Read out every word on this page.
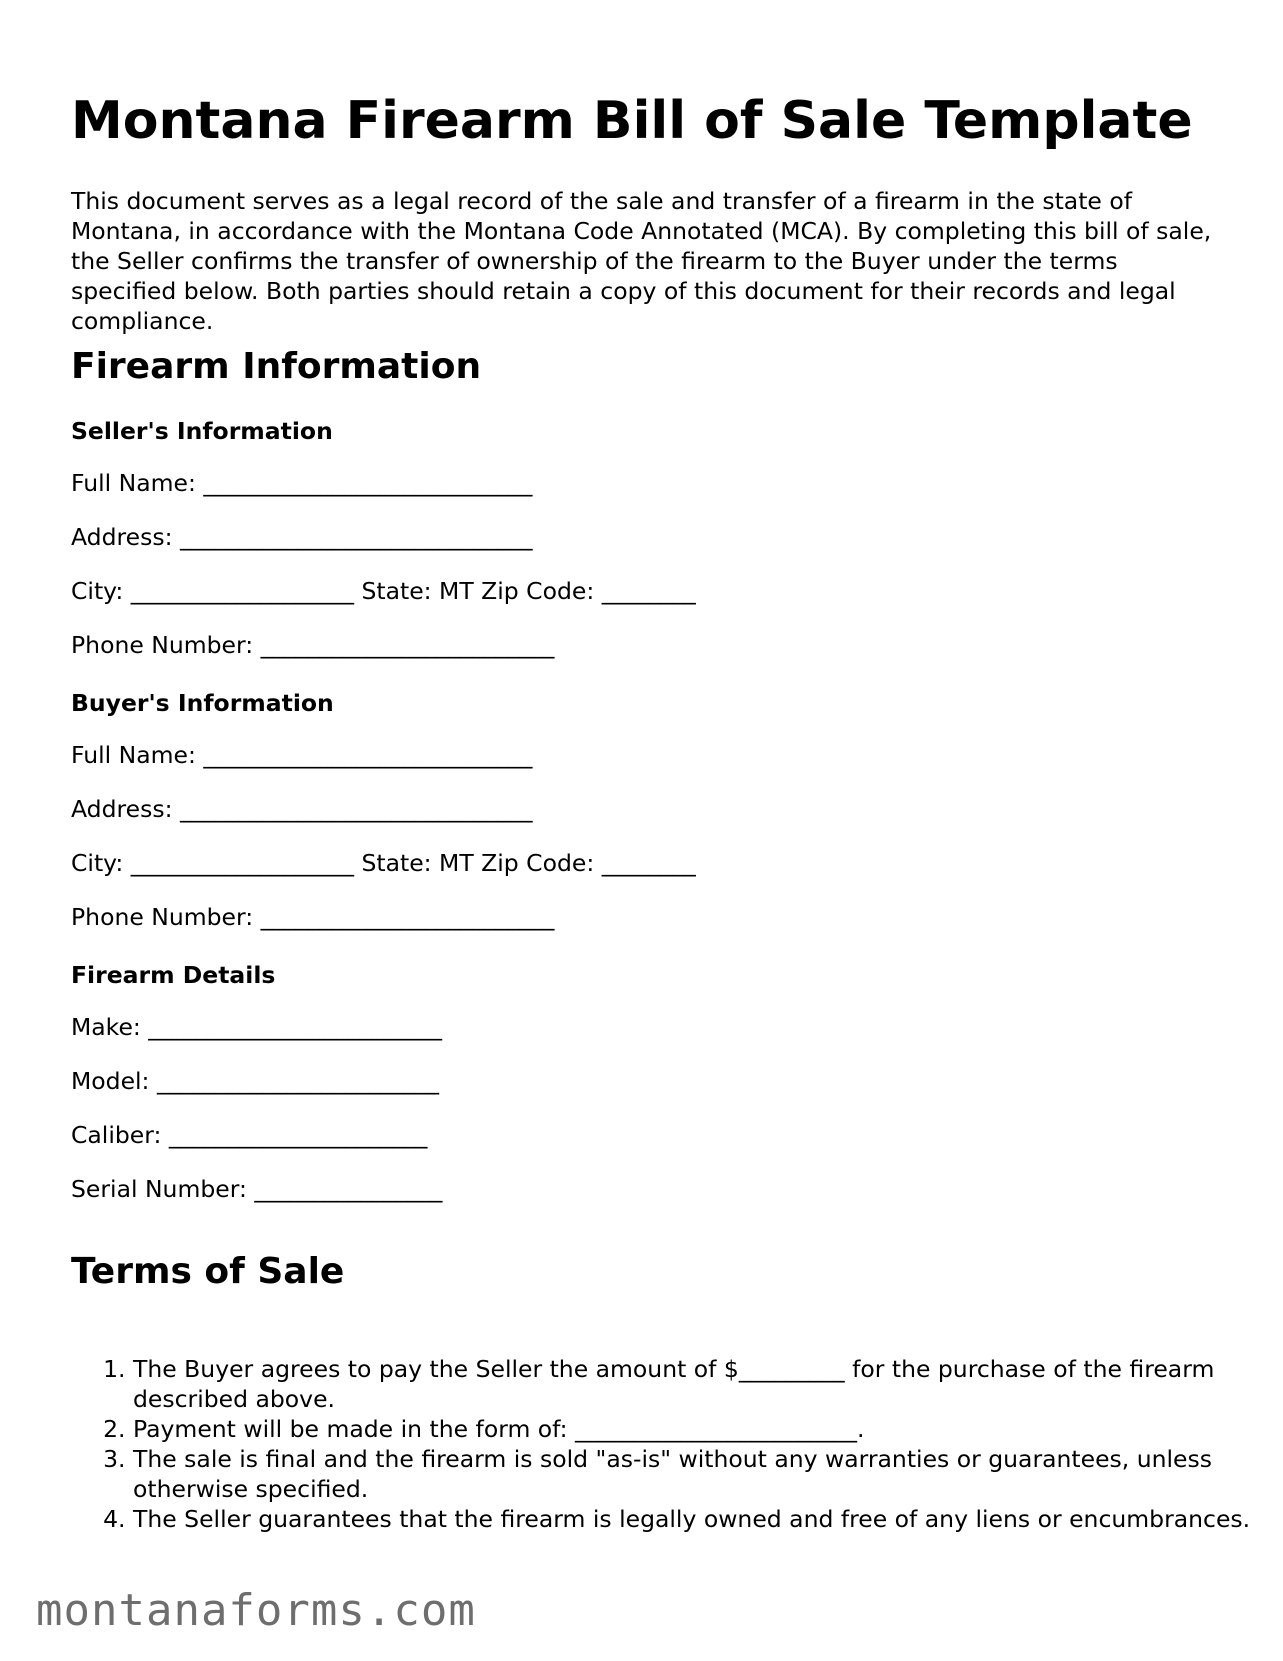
Montana Firearm Bill of Sale Template

This document serves as a legal record of the sale and transfer of a firearm in the state of Montana, in accordance with the Montana Code Annotated (MCA). By completing this bill of sale, the Seller confirms the transfer of ownership of the firearm to the Buyer under the terms specified below. Both parties should retain a copy of this document for their records and legal compliance.

Firearm Information
Seller's Information

Full Name: ____________________________

Address: ______________________________

City: ___________________ State: MT Zip Code: ________

Phone Number: _________________________

Buyer's Information

Full Name: ____________________________

Address: ______________________________

City: ___________________ State: MT Zip Code: ________

Phone Number: _________________________

Firearm Details

Make: _________________________

Model: ________________________

Caliber: ______________________

Serial Number: ________________

Terms of Sale
1. The Buyer agrees to pay the Seller the amount of $_________ for the purchase of the firearm described above.
2. Payment will be made in the form of: ________________________.
3. The sale is final and the firearm is sold "as-is" without any warranties or guarantees, unless otherwise specified.
4. The Seller guarantees that the firearm is legally owned and free of any liens or encumbrances.
montanaforms.com
